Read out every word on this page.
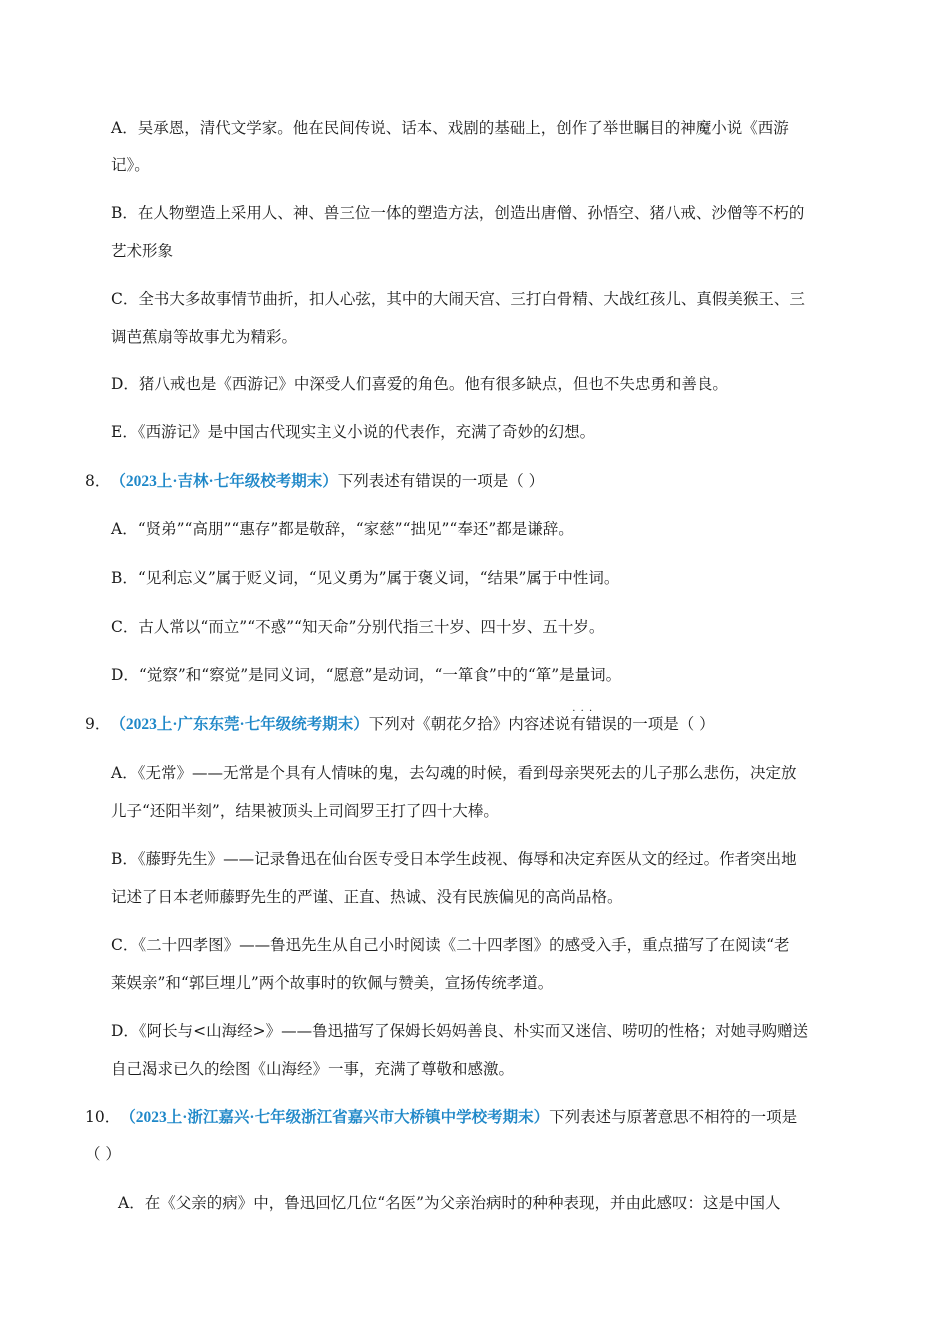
A．吴承恩，清代文学家。他在民间传说、话本、戏剧的基础上，创作了举世瞩目的神魔小说《西游
记》。
B．在人物塑造上采用人、神、兽三位一体的塑造方法，创造出唐僧、孙悟空、猪八戒、沙僧等不朽的
艺术形象
C．全书大多故事情节曲折，扣人心弦，其中的大闹天宫、三打白骨精、大战红孩儿、真假美猴王、三
调芭蕉扇等故事尤为精彩。
D．猪八戒也是《西游记》中深受人们喜爱的角色。他有很多缺点，但也不失忠勇和善良。
E．《西游记》是中国古代现实主义小说的代表作，充满了奇妙的幻想。
8．（2023上·吉林·七年级校考期末）下列表述有错误的一项是（ ）
A．“贤弟”“高朋”“惠存”都是敬辞，“家慈”“拙见”“奉还”都是谦辞。
B．“见利忘义”属于贬义词，“见义勇为”属于褒义词，“结果”属于中性词。
C．古人常以“而立”“不惑”“知天命”分别代指三十岁、四十岁、五十岁。
D．“觉察”和“察觉”是同义词，“愿意”是动词，“一箪食”中的“箪”是量词。
9．（2023上·广东东莞·七年级统考期末）下列对《朝花夕拾》内容述说有错误 · · ·的一项是（ ）
A．《无常》——无常是个具有人情味的鬼，去勾魂的时候，看到母亲哭死去的儿子那么悲伤，决定放
儿子“还阳半刻”，结果被顶头上司阎罗王打了四十大棒。
B．《藤野先生》——记录鲁迅在仙台医专受日本学生歧视、侮辱和决定弃医从文的经过。作者突出地
记述了日本老师藤野先生的严谨、正直、热诚、没有民族偏见的高尚品格。
C．《二十四孝图》——鲁迅先生从自己小时阅读《二十四孝图》的感受入手，重点描写了在阅读“老
莱娱亲”和“郭巨埋儿”两个故事时的钦佩与赞美，宣扬传统孝道。
D．《阿长与<山海经>》——鲁迅描写了保姆长妈妈善良、朴实而又迷信、唠叨的性格；对她寻购赠送
自己渴求已久的绘图《山海经》一事，充满了尊敬和感激。
10．（2023上·浙江嘉兴·七年级浙江省嘉兴市大桥镇中学校考期末）下列表述与原著意思不相符的一项是
（ ）
A．在《父亲的病》中，鲁迅回忆几位“名医”为父亲治病时的种种表现，并由此感叹：这是中国人
